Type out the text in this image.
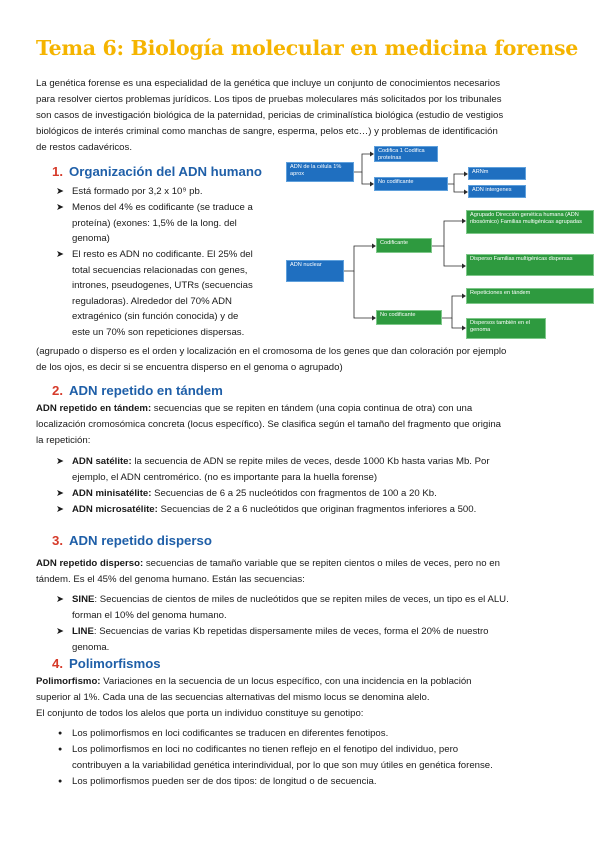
Tema 6: Biología molecular en medicina forense
La genética forense es una especialidad de la genética que incluye un conjunto de conocimientos necesarios
para resolver ciertos problemas jurídicos. Los tipos de pruebas moleculares más solicitados por los tribunales
son casos de investigación biológica de la paternidad, pericias de criminalística biológica (estudio de vestigios
biológicos de interés criminal como manchas de sangre, esperma, pelos etc…) y problemas de identificación
de restos cadavéricos.
1. Organización del ADN humano
➤ Está formado por 3,2 x 10⁹ pb.
➤ Menos del 4% es codificante (se traduce a
proteína) (exones: 1,5% de la long. del
genoma)
➤ El resto es ADN no codificante. El 25% del
total secuencias relacionadas con genes,
intrones, pseudogenes, UTRs (secuencias
reguladoras). Alrededor del 70% ADN
extragénico (sin función conocida) y de
este un 70% son repeticiones dispersas.
ADN de la célula 1% aprox
Codifica 1 Codifica proteínas
No codificante
ARNm
ADN intergenes
ADN nuclear
Codificante
Agrupado Dirección genética humana (ADN ribosómico) Familias multigénicas agrupadas
Disperso Familias multigénicas dispersas
No codificante
Repeticiones en tándem
Dispersos también en el genoma
(agrupado o disperso es el orden y localización en el cromosoma de los genes que dan coloración por ejemplo
de los ojos, es decir si se encuentra disperso en el genoma o agrupado)
2. ADN repetido en tándem
ADN repetido en tándem: secuencias que se repiten en tándem (una copia continua de otra) con una
localización cromosómica concreta (locus específico). Se clasifica según el tamaño del fragmento que origina
la repetición:
➤ ADN satélite: la secuencia de ADN se repite miles de veces, desde 1000 Kb hasta varias Mb. Por
ejemplo, el ADN centromérico. (no es importante para la huella forense)
➤ ADN minisatélite: Secuencias de 6 a 25 nucleótidos con fragmentos de 100 a 20 Kb.
➤ ADN microsatélite: Secuencias de 2 a 6 nucleótidos que originan fragmentos inferiores a 500.
3. ADN repetido disperso
ADN repetido disperso: secuencias de tamaño variable que se repiten cientos o miles de veces, pero no en
tándem. Es el 45% del genoma humano. Están las secuencias:
➤ SINE: Secuencias de cientos de miles de nucleótidos que se repiten miles de veces, un tipo es el ALU.
forman el 10% del genoma humano.
➤ LINE: Secuencias de varias Kb repetidas dispersamente miles de veces, forma el 20% de nuestro
genoma.
4. Polimorfismos
Polimorfismo: Variaciones en la secuencia de un locus específico, con una incidencia en la población
superior al 1%. Cada una de las secuencias alternativas del mismo locus se denomina alelo.
El conjunto de todos los alelos que porta un individuo constituye su genotipo:
● Los polimorfismos en loci codificantes se traducen en diferentes fenotipos.
● Los polimorfismos en loci no codificantes no tienen reflejo en el fenotipo del individuo, pero
contribuyen a la variabilidad genética interindividual, por lo que son muy útiles en genética forense.
● Los polimorfismos pueden ser de dos tipos: de longitud o de secuencia.
